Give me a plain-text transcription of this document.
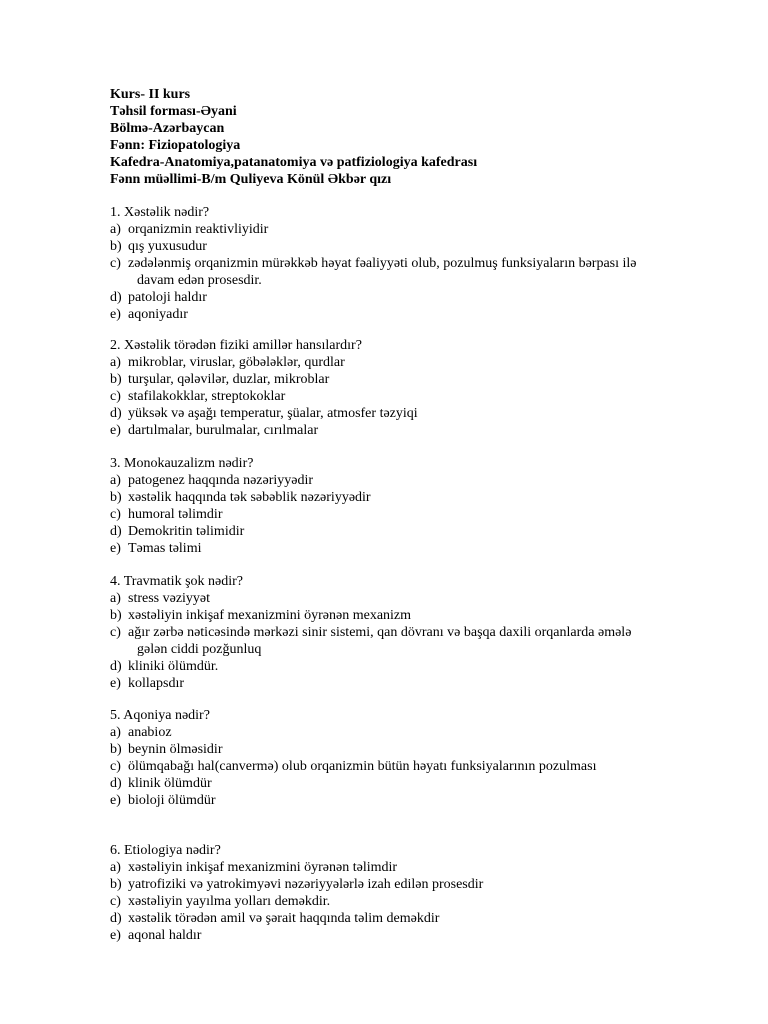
Kurs- II kurs
Təhsil forması-Əyani
Bölmə-Azərbaycan
Fənn: Fiziopatologiya
Kafedra-Anatomiya,patanatomiya və patfiziologiya kafedrası
Fənn müəllimi-B/m Quliyeva Könül Əkbər qızı
1. Xəstəlik nədir?
a) orqanizmin reaktivliyidir
b) qış yuxusudur
c) zədələnmiş orqanizmin mürəkkəb həyat fəaliyyəti olub, pozulmuş funksiyaların bərpası ilə
davam edən prosesdir.
d) patoloji haldır
e) aqoniyadır
2. Xəstəlik törədən fiziki amillər hansılardır?
a) mikroblar, viruslar, göbələklər, qurdlar
b) turşular, qələvilər, duzlar, mikroblar
c) stafilakokklar, streptokoklar
d) yüksək və aşağı temperatur, şüalar, atmosfer təzyiqi
e) dartılmalar, burulmalar, cırılmalar
3. Monokauzalizm nədir?
a) patogenez haqqında nəzəriyyədir
b) xəstəlik haqqında tək səbəblik nəzəriyyədir
c) humoral təlimdir
d) Demokritin təlimidir
e) Təmas təlimi
4. Travmatik şok nədir?
a) stress vəziyyət
b) xəstəliyin inkişaf mexanizmini öyrənən mexanizm
c) ağır zərbə nəticəsində mərkəzi sinir sistemi, qan dövranı və başqa daxili orqanlarda əmələ
gələn ciddi pozğunluq
d) kliniki ölümdür.
e) kollapsdır
5. Aqoniya nədir?
a) anabioz
b) beynin ölməsidir
c) ölümqabağı hal(canvermə) olub orqanizmin bütün həyatı funksiyalarının pozulması
d) klinik ölümdür
e) bioloji ölümdür
6. Etiologiya nədir?
a) xəstəliyin inkişaf mexanizmini öyrənən təlimdir
b) yatrofiziki və yatrokimyəvi nəzəriyyələrlə izah edilən prosesdir
c) xəstəliyin yayılma yolları deməkdir.
d) xəstəlik törədən amil və şərait haqqında təlim deməkdir
e) aqonal haldır
